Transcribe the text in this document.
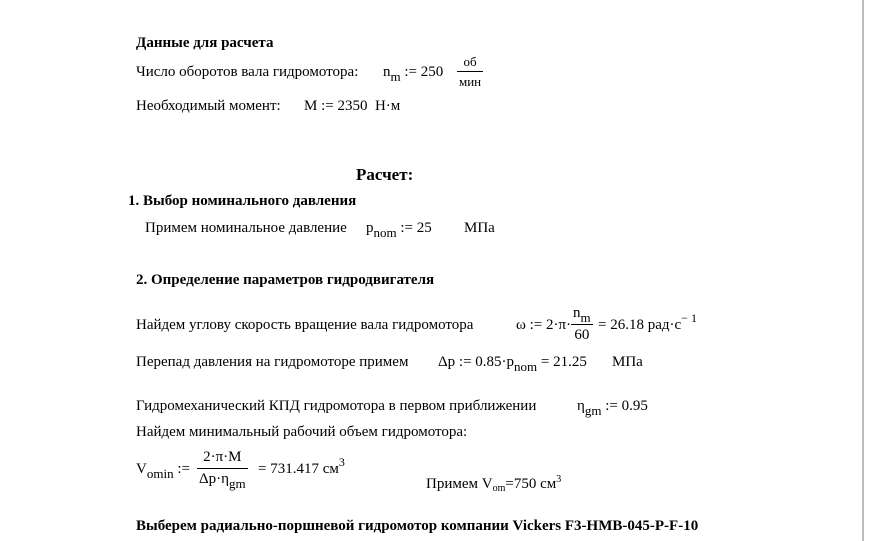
Данные для расчета
Число оборотов вала гидромотора: nm := $250 \frac{об}{\text{мин}}$
Необходимый момент: M := 2350 Н·м
Расчет:
1. Выбор номинального давления
Примем номинальное давление pnom := 25 МПа
2. Определение параметров гидродвигателя
Найдем углову скорость вращение вала гидромотора	ω := $2\cdot\pi\cdot \frac{nm}{60} = 26.18$ $рад\cdot с^{- 1}$
Перепад давления на гидромоторе примем Δp := 0.85·pnom = 21.25 МПа
Гидромеханический КПД гидромотора в первом приближении	ηgm := 0.95
Найдем минимальный рабочий объем гидромотора:
Vomin := $\frac{2\cdot\pi\cdot M}{\text{Δp·ηgm}} = 731.417$ $см^3$
Примем $V_{om}=750$ $см^3$
Выберем радиально-поршневой гидромотор компании Vickers F3-HMB-045-P-F-10
